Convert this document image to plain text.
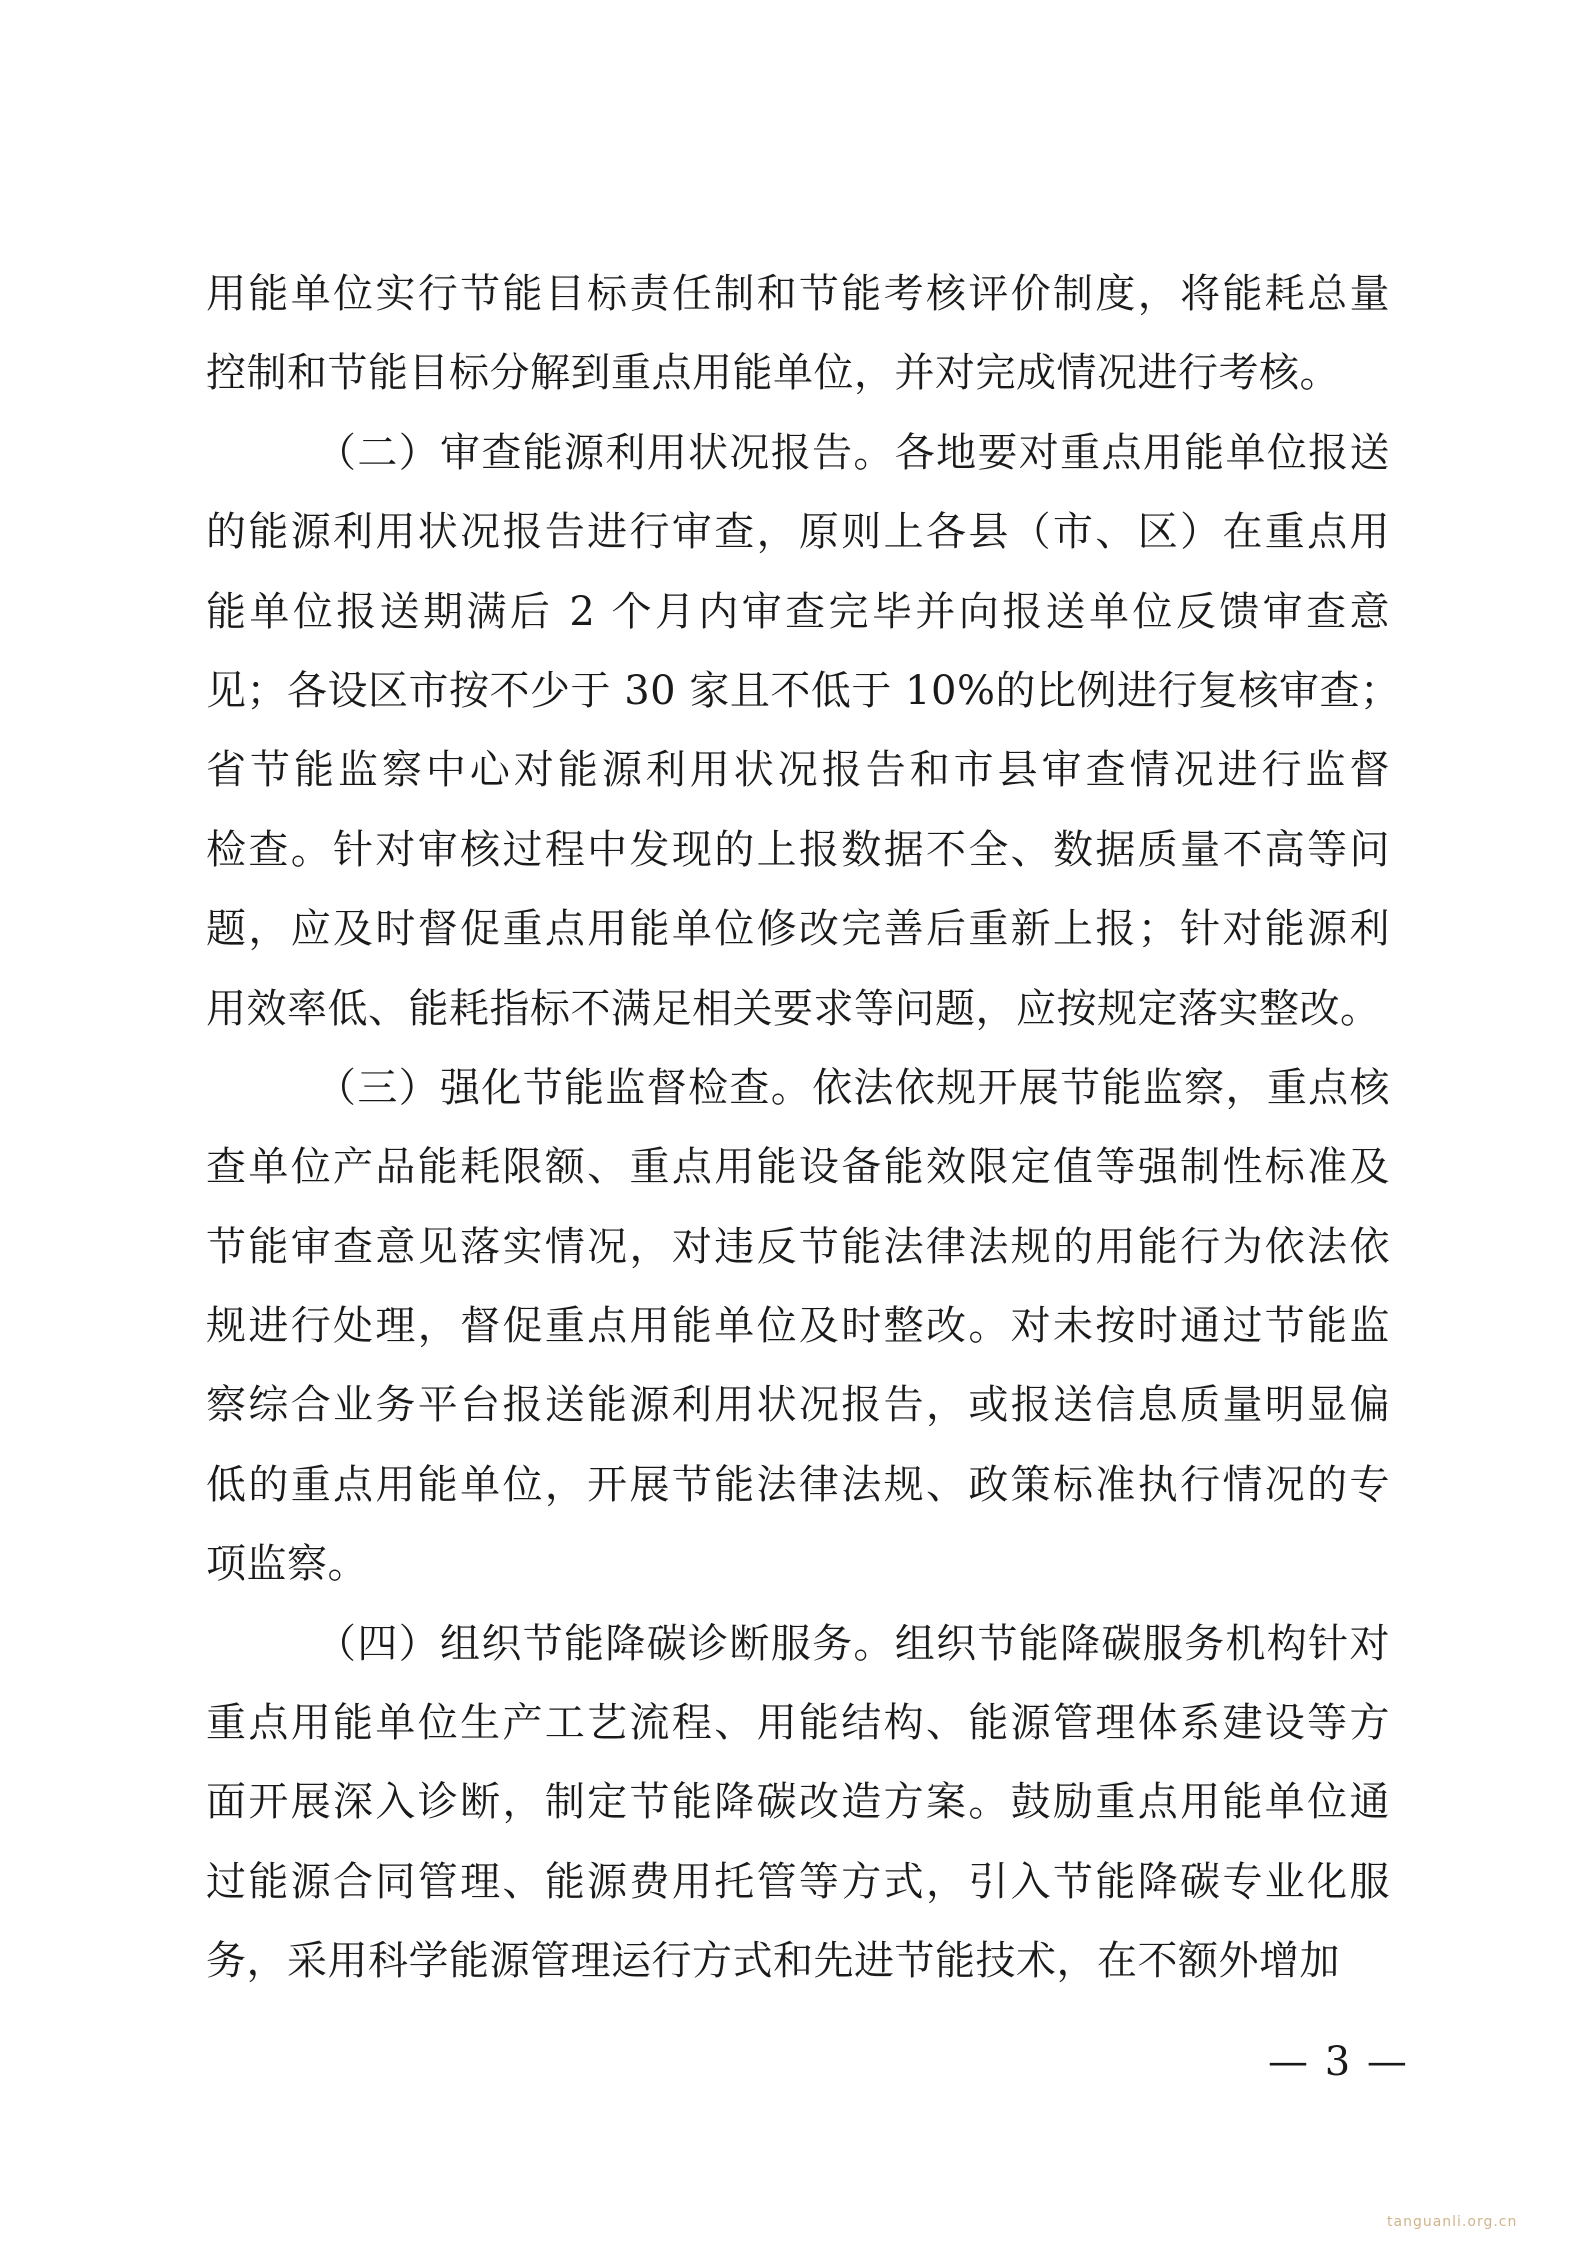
用能单位实行节能目标责任制和节能考核评价制度，将能耗总量
控制和节能目标分解到重点用能单位，并对完成情况进行考核。
（二）审查能源利用状况报告。各地要对重点用能单位报送
的能源利用状况报告进行审查，原则上各县（市、区）在重点用
能单位报送期满后 2 个月内审查完毕并向报送单位反馈审查意
见；各设区市按不少于 30 家且不低于 10%的比例进行复核审查；
省节能监察中心对能源利用状况报告和市县审查情况进行监督
检查。针对审核过程中发现的上报数据不全、数据质量不高等问
题，应及时督促重点用能单位修改完善后重新上报；针对能源利
用效率低、能耗指标不满足相关要求等问题，应按规定落实整改。
（三）强化节能监督检查。依法依规开展节能监察，重点核
查单位产品能耗限额、重点用能设备能效限定值等强制性标准及
节能审查意见落实情况，对违反节能法律法规的用能行为依法依
规进行处理，督促重点用能单位及时整改。对未按时通过节能监
察综合业务平台报送能源利用状况报告，或报送信息质量明显偏
低的重点用能单位，开展节能法律法规、政策标准执行情况的专
项监察。
（四）组织节能降碳诊断服务。组织节能降碳服务机构针对
重点用能单位生产工艺流程、用能结构、能源管理体系建设等方
面开展深入诊断，制定节能降碳改造方案。鼓励重点用能单位通
过能源合同管理、能源费用托管等方式，引入节能降碳专业化服
务，采用科学能源管理运行方式和先进节能技术，在不额外增加
— 3 —
tanguanli.org.cn
